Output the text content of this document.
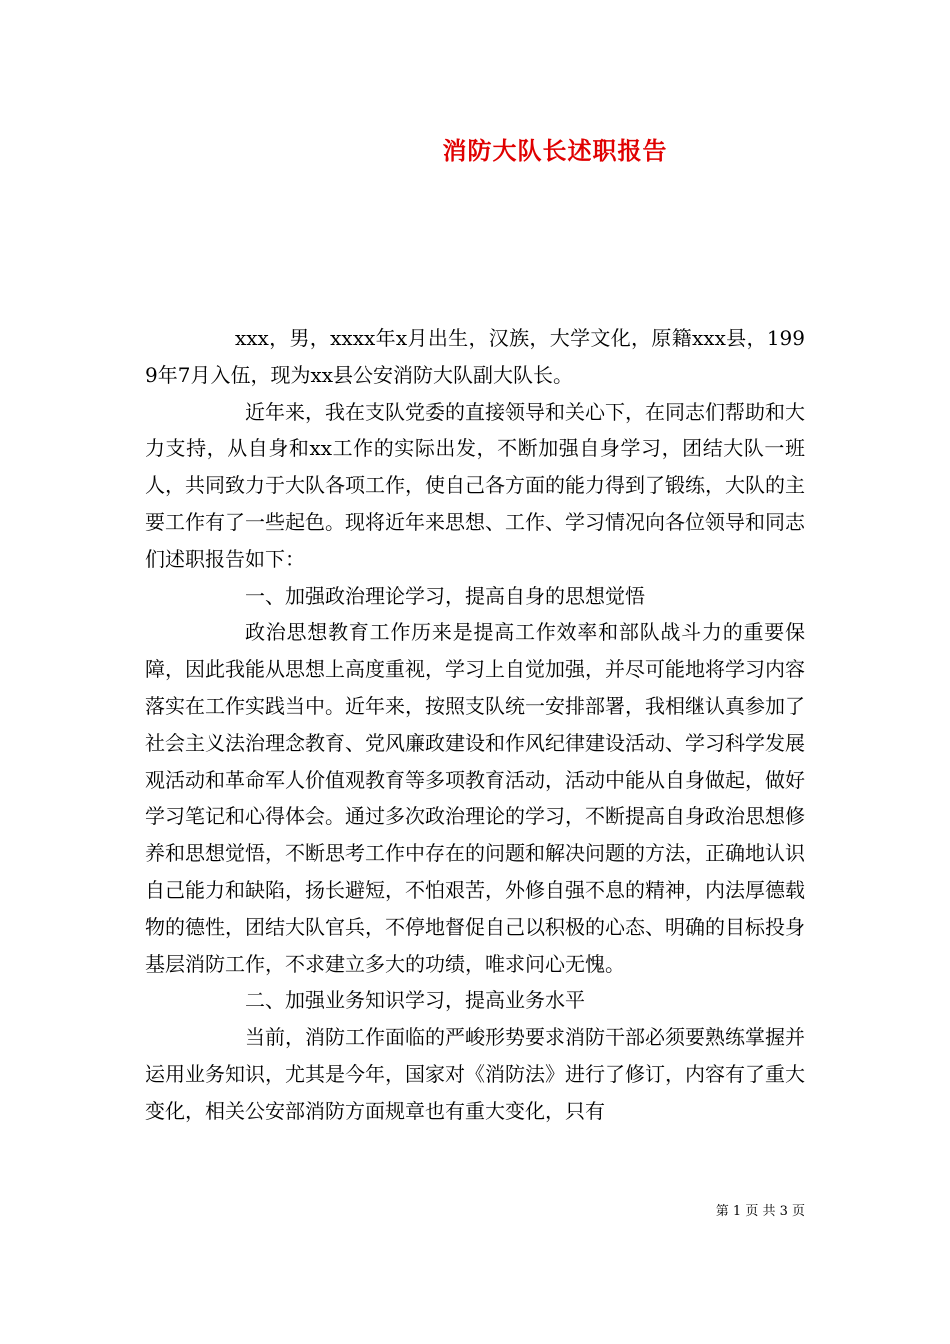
消防大队长述职报告

xxx，男，xxxx年x月出生，汉族，大学文化，原籍xxx县，1999年7月入伍，现为xx县公安消防大队副大队长。

近年来，我在支队党委的直接领导和关心下，在同志们帮助和大力支持，从自身和xx工作的实际出发，不断加强自身学习，团结大队一班人，共同致力于大队各项工作，使自己各方面的能力得到了锻练，大队的主要工作有了一些起色。现将近年来思想、工作、学习情况向各位领导和同志们述职报告如下：

一、加强政治理论学习，提高自身的思想觉悟

政治思想教育工作历来是提高工作效率和部队战斗力的重要保障，因此我能从思想上高度重视，学习上自觉加强，并尽可能地将学习内容落实在工作实践当中。近年来，按照支队统一安排部署，我相继认真参加了社会主义法治理念教育、党风廉政建设和作风纪律建设活动、学习科学发展观活动和革命军人价值观教育等多项教育活动，活动中能从自身做起，做好学习笔记和心得体会。通过多次政治理论的学习，不断提高自身政治思想修养和思想觉悟，不断思考工作中存在的问题和解决问题的方法，正确地认识自己能力和缺陷，扬长避短，不怕艰苦，外修自强不息的精神，内法厚德载物的德性，团结大队官兵，不停地督促自己以积极的心态、明确的目标投身基层消防工作，不求建立多大的功绩，唯求问心无愧。

二、加强业务知识学习，提高业务水平

当前，消防工作面临的严峻形势要求消防干部必须要熟练掌握并运用业务知识，尤其是今年，国家对《消防法》进行了修订，内容有了重大变化，相关公安部消防方面规章也有重大变化，只有

第 1 页 共 3 页
